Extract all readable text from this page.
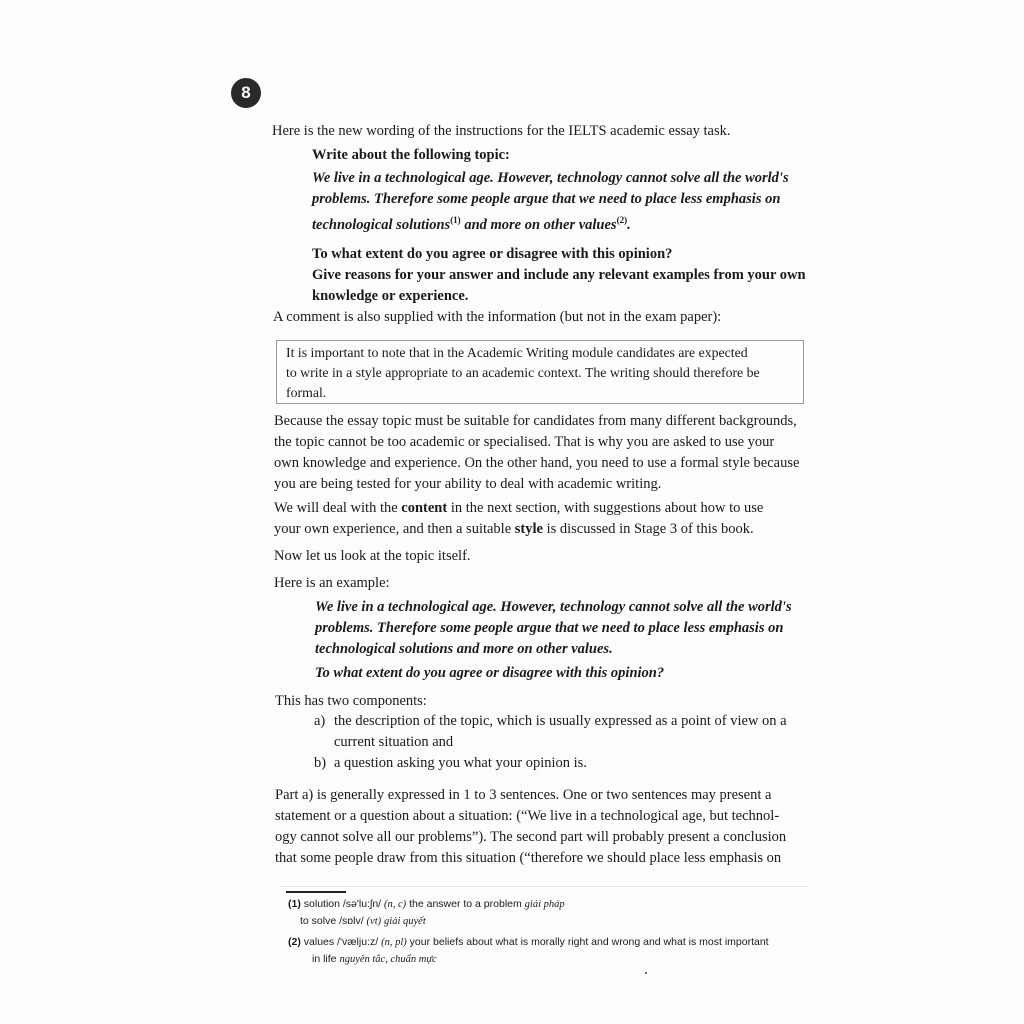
8

Here is the new wording of the instructions for the IELTS academic essay task.

Write about the following topic:

We live in a technological age. However, technology cannot solve all the world's
problems. Therefore some people argue that we need to place less emphasis on
technological solutions$^{(1)}$ and more on other values$^{(2)}$.

To what extent do you agree or disagree with this opinion?

Give reasons for your answer and include any relevant examples from your own
knowledge or experience.

A comment is also supplied with the information (but not in the exam paper):

It is important to note that in the Academic Writing module candidates are expected
to write in a style appropriate to an academic context. The writing should therefore be
formal.

Because the essay topic must be suitable for candidates from many different backgrounds,
the topic cannot be too academic or specialised. That is why you are asked to use your
own knowledge and experience. On the other hand, you need to use a formal style because
you are being tested for your ability to deal with academic writing.

We will deal with the content in the next section, with suggestions about how to use
your own experience, and then a suitable style is discussed in Stage 3 of this book.

Now let us look at the topic itself.

Here is an example:

We live in a technological age. However, technology cannot solve all the world's
problems. Therefore some people argue that we need to place less emphasis on
technological solutions and more on other values.
To what extent do you agree or disagree with this opinion?

This has two components:

a) the description of the topic, which is usually expressed as a point of view on a
current situation and
b) a question asking you what your opinion is.

Part a) is generally expressed in 1 to 3 sentences. One or two sentences may present a
statement or a question about a situation: (“We live in a technological age, but technol-
ogy cannot solve all our problems”). The second part will probably present a conclusion
that some people draw from this situation (“therefore we should place less emphasis on

(1) solution /sə'lu:ʃn/ (n, c) the answer to a problem giải pháp
to solve /sɒlv/ (vt) giải quyết
(2) values /'vælju:z/ (n, pl) your beliefs about what is morally right and wrong and what is most important
in life nguyên tắc, chuẩn mực
